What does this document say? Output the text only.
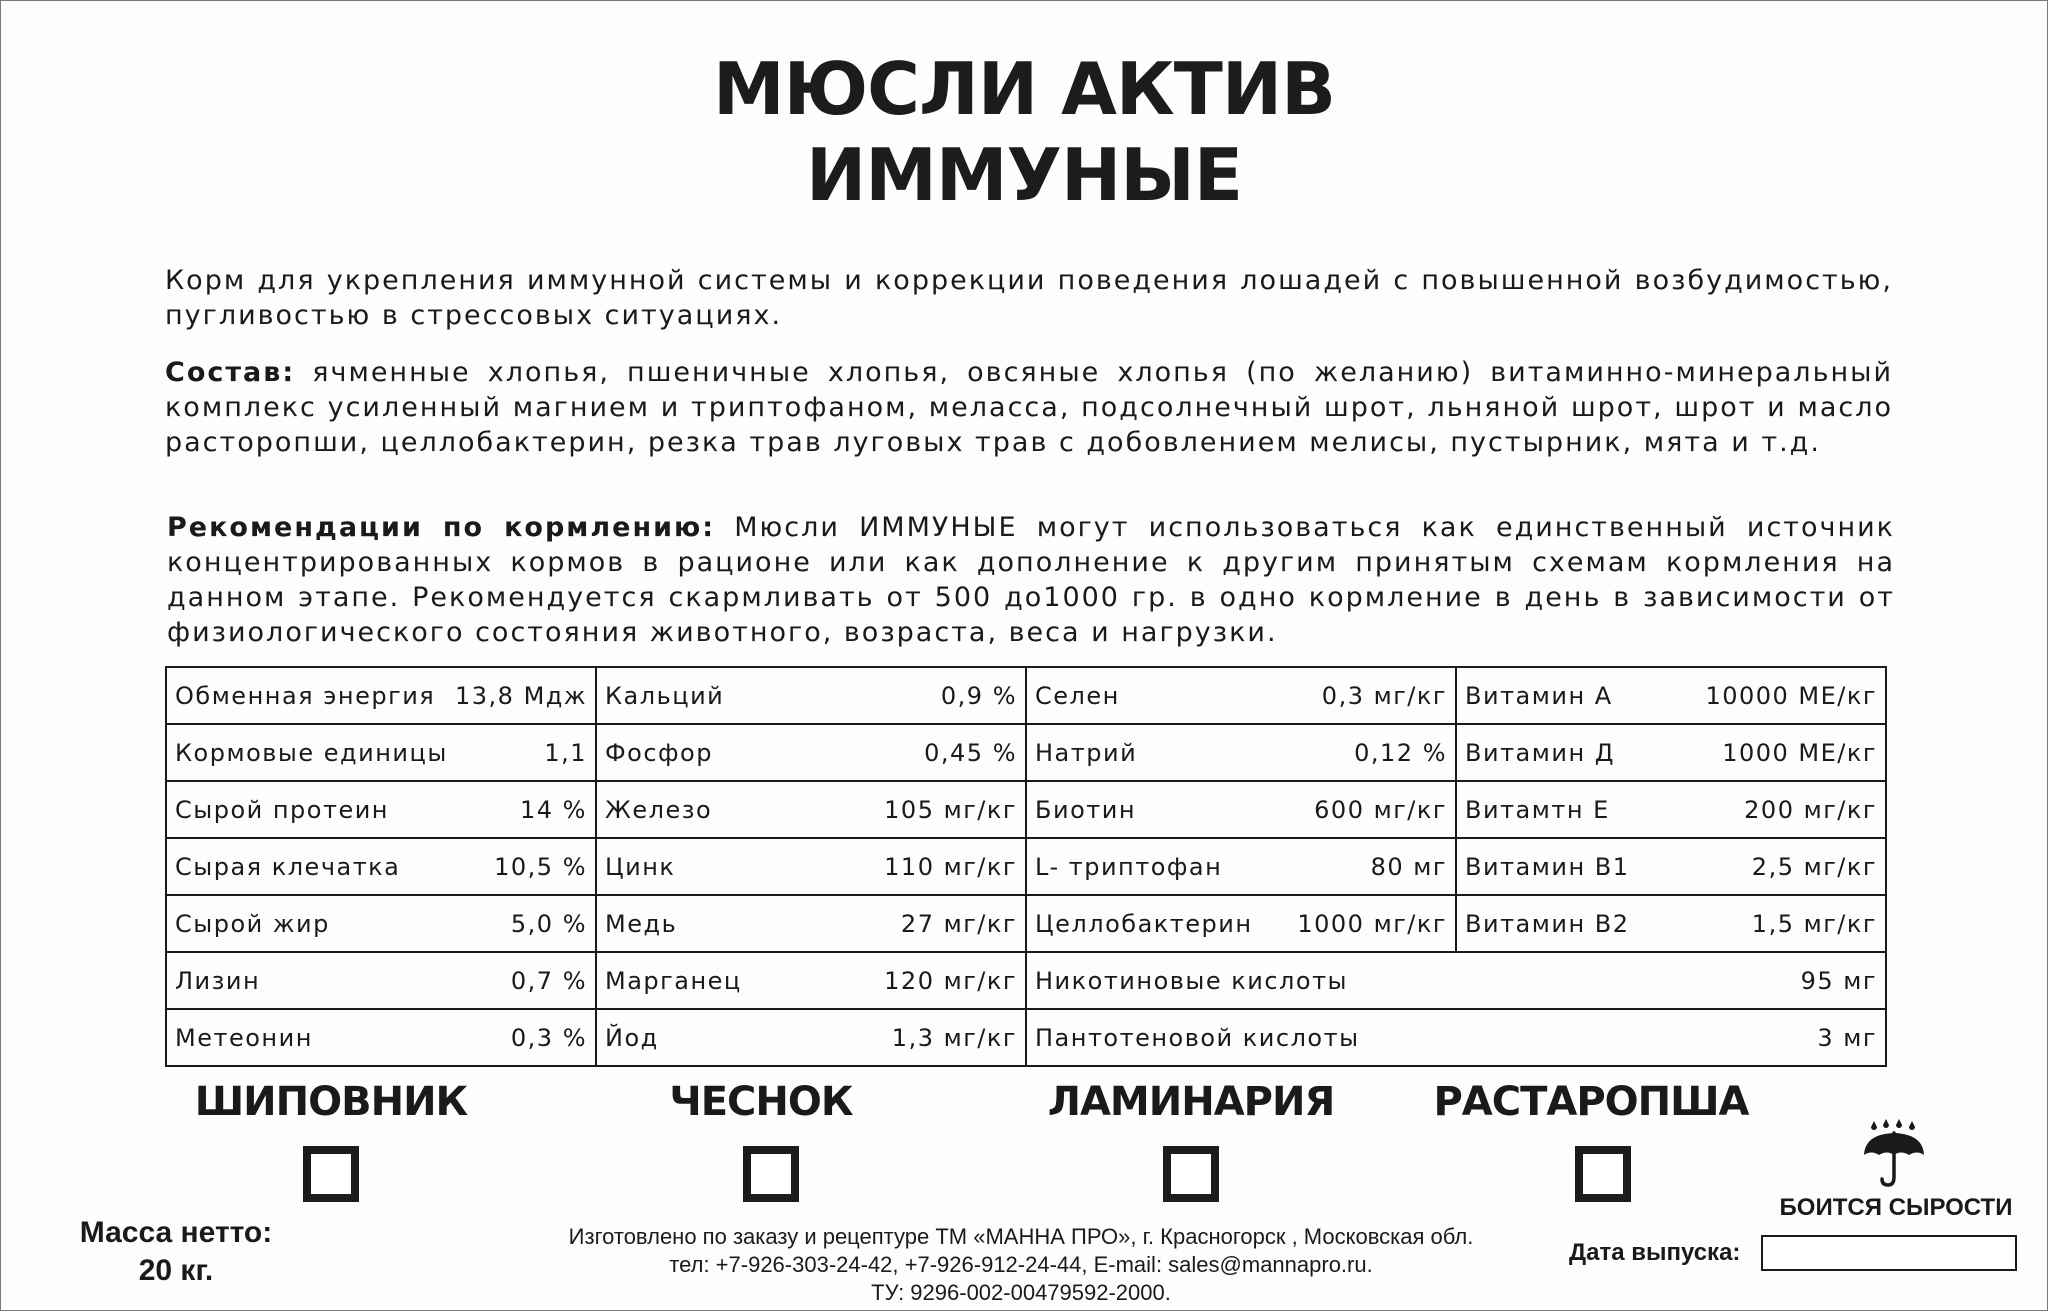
МЮСЛИ АКТИВ
ИММУНЫЕ
Корм для укрепления иммунной системы и коррекции поведения лошадей с повышенной возбудимостью, пугливостью в стрессовых ситуациях.
Состав: ячменные хлопья, пшеничные хлопья, овсяные хлопья (по желанию) витаминно-минеральный комплекс усиленный магнием и триптофаном, меласса, подсолнечный шрот, льняной шрот, шрот и масло расторопши, целлобактерин, резка трав луговых трав с добовлением мелисы, пустырник, мята и т.д.
Рекомендации по кормлению: Мюсли ИММУНЫЕ могут использоваться как единственный источник концентрированных кормов в рационе или как дополнение к другим принятым схемам кормления на данном этапе. Рекомендуется скармливать от 500 до1000 гр. в одно кормление в день в зависимости от физиологического состояния животного, возраста, веса и нагрузки.
Обменная энергия 13,8 Мдж	Кальций 0,9 %	Селен 0,3 мг/кг	Витамин А 10000 МЕ/кг

Кормовые единицы 1,1	Фосфор 0,45 %	Натрий 0,12 %	Витамин Д 1000 МЕ/кг

Сырой протеин 14 %	Железо 105 мг/кг	Биотин 600 мг/кг	Витамтн Е 200 мг/кг

Сырая клечатка 10,5 %	Цинк 110 мг/кг	L- триптофан 80 мг	Витамин В1 2,5 мг/кг

Сырой жир 5,0 %	Медь 27 мг/кг	Целлобактерин 1000 мг/кг	Витамин В2 1,5 мг/кг

Лизин 0,7 %	Марганец 120 мг/кг	Никотиновые кислоты 95 мг	

Метеонин 0,3 %	Йод 1,3 мг/кг	Пантотеновой кислоты 3 мг	
ШИПОВНИК	ЧЕСНОК	ЛАМИНАРИЯ	РАСТАРОПША
Масса нетто:
20 кг.
Изготовлено по заказу и рецептуре ТМ «МАННА ПРО», г. Красногорск , Московская обл.
тел: +7-926-303-24-42, +7-926-912-24-44, E-mail: sales@mannapro.ru.
ТУ: 9296-002-00479592-2000.
БОИТСЯ СЫРОСТИ
Дата выпуска:
